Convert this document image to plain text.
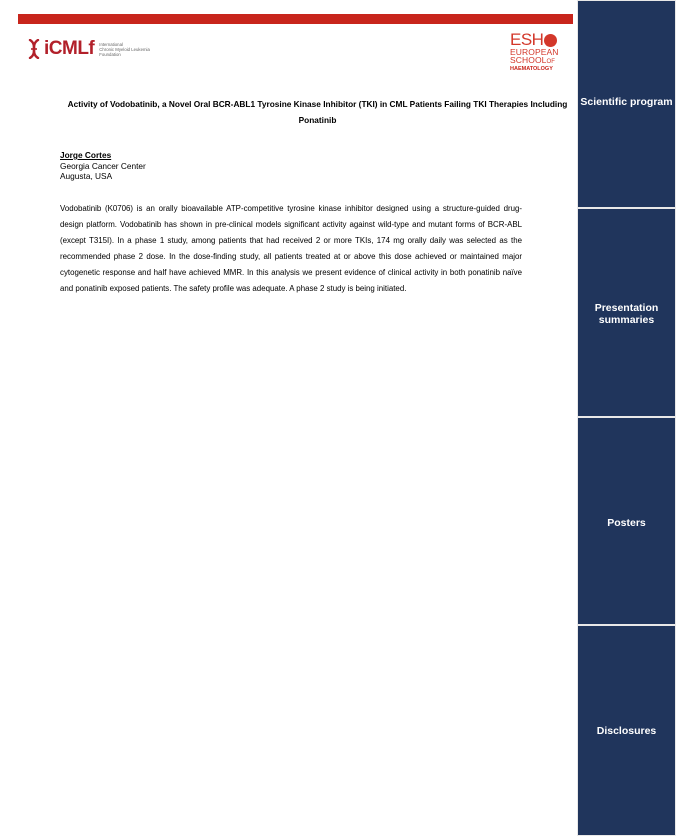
iCMLf International
Chronic Myeloid Leukemia
Foundation
ESH
EUROPEAN
SCHOOLOF
HAEMATOLOGY
Activity of Vodobatinib, a Novel Oral BCR-ABL1 Tyrosine Kinase Inhibitor (TKI) in CML Patients Failing TKI Therapies Including Ponatinib
Jorge Cortes
Georgia Cancer Center
Augusta, USA

Vodobatinib (K0706) is an orally bioavailable ATP-competitive tyrosine kinase inhibitor designed using a structure-guided drug-design platform. Vodobatinib has shown in pre-clinical models significant activity against wild-type and mutant forms of BCR-ABL (except T315I). In a phase 1 study, among patients that had received 2 or more TKIs, 174 mg orally daily was selected as the recommended phase 2 dose. In the dose-finding study, all patients treated at or above this dose achieved or maintained major cytogenetic response and half have achieved MMR. In this analysis we present evidence of clinical activity in both ponatinib naïve and ponatinib exposed patients. The safety profile was adequate. A phase 2 study is being initiated.

Scientific program
Presentation summaries
Posters
Disclosures
